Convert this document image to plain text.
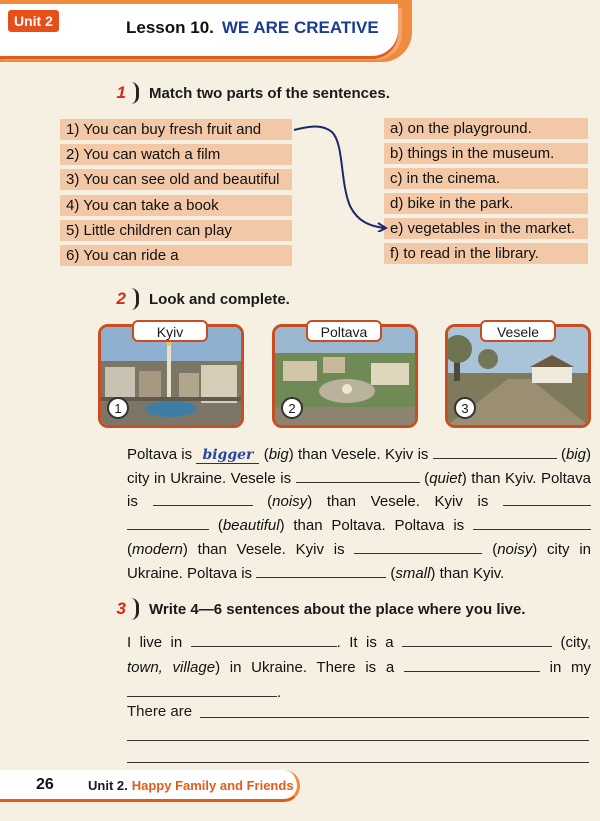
Unit 2	Lesson 10. WE ARE CREATIVE
1 Match two parts of the sentences.
1) You can buy fresh fruit and
2) You can watch a film
3) You can see old and beautiful
4) You can take a book
5) Little children can play
6) You can ride a
a) on the playground.
b) things in the museum.
c) in the cinema.
d) bike in the park.
e) vegetables in the market.
f) to read in the library.
2 Look and complete.
1
Kyiv
2
Poltava
3
Vesele
Poltava is bigger (big) than Vesele. Kyiv is	(big) city in Ukraine. Vesele is	(quiet) than Kyiv. Poltava is	(noisy) than Vesele. Kyiv is   (beautiful) than Poltava. Poltava is  (modern) than Vesele. Kyiv is	(noisy) city in Ukraine. Poltava is	(small) than Kyiv.
3 Write 4—6 sentences about the place where you live.
I live in	. It is a	(city, town, village) in Ukraine. There is a	in my .
There are
26	Unit 2. Happy Family and Friends
